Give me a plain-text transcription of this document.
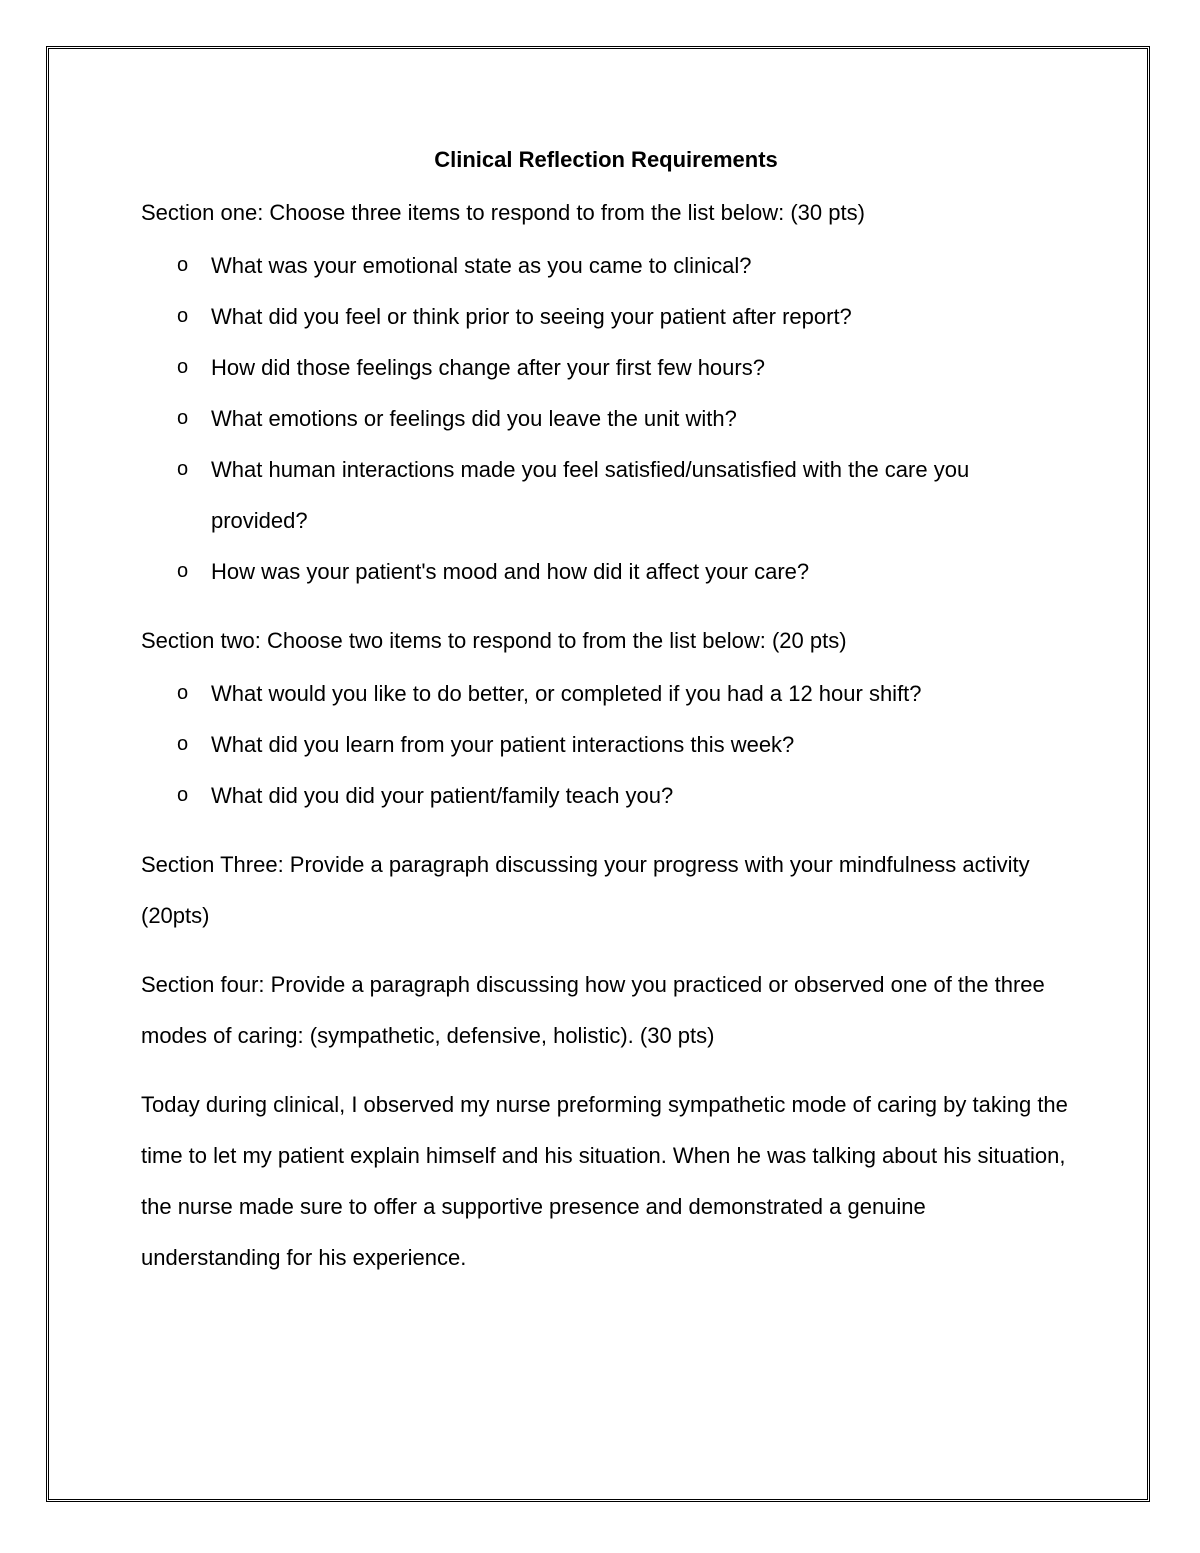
Clinical Reflection Requirements

Section one: Choose three items to respond to from the list below: (30 pts)

o What was your emotional state as you came to clinical?
o What did you feel or think prior to seeing your patient after report?
o How did those feelings change after your first few hours?
o What emotions or feelings did you leave the unit with?
o What human interactions made you feel satisfied/unsatisfied with the care you provided?
o How was your patient's mood and how did it affect your care?

Section two: Choose two items to respond to from the list below: (20 pts)

o What would you like to do better, or completed if you had a 12 hour shift?
o What did you learn from your patient interactions this week?
o What did you did your patient/family teach you?

Section Three: Provide a paragraph discussing your progress with your mindfulness activity (20pts)

Section four: Provide a paragraph discussing how you practiced or observed one of the three modes of caring: (sympathetic, defensive, holistic). (30 pts)

Today during clinical, I observed my nurse preforming sympathetic mode of caring by taking the time to let my patient explain himself and his situation. When he was talking about his situation, the nurse made sure to offer a supportive presence and demonstrated a genuine understanding for his experience.
